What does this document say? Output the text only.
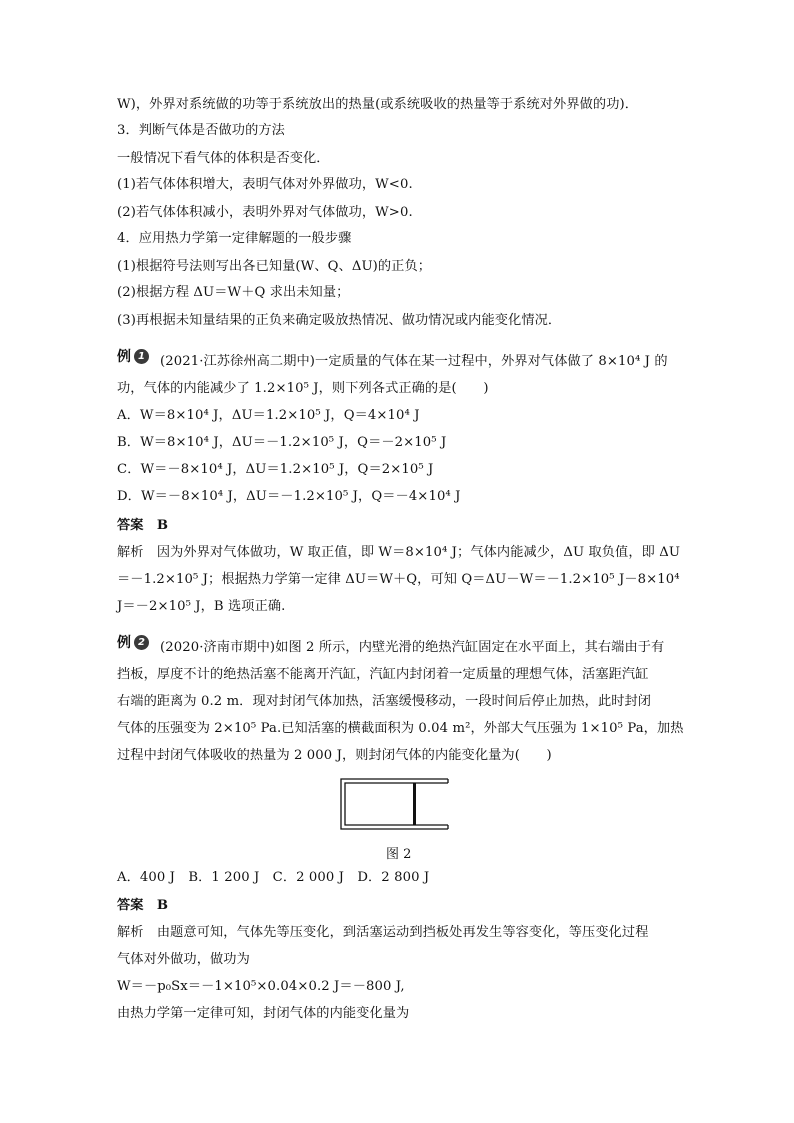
W)，外界对系统做的功等于系统放出的热量(或系统吸收的热量等于系统对外界做的功)．
3．判断气体是否做功的方法
一般情况下看气体的体积是否变化．
(1)若气体体积增大，表明气体对外界做功，W<0.
(2)若气体体积减小，表明外界对气体做功，W>0.
4．应用热力学第一定律解题的一般步骤
(1)根据符号法则写出各已知量(W、Q、ΔU)的正负；
(2)根据方程 ΔU＝W＋Q 求出未知量；
(3)再根据未知量结果的正负来确定吸放热情况、做功情况或内能变化情况．
例 1	(2021·江苏徐州高二期中)一定质量的气体在某一过程中，外界对气体做了 8×10⁴ J 的
功，气体的内能减少了 1.2×10⁵ J，则下列各式正确的是(　　)
A．W＝8×10⁴ J，ΔU＝1.2×10⁵ J，Q＝4×10⁴ J
B．W＝8×10⁴ J，ΔU＝－1.2×10⁵ J，Q＝－2×10⁵ J
C．W＝－8×10⁴ J，ΔU＝1.2×10⁵ J，Q＝2×10⁵ J
D．W＝－8×10⁴ J，ΔU＝－1.2×10⁵ J，Q＝－4×10⁴ J
答案　B
解析　因为外界对气体做功，W 取正值，即 W＝8×10⁴ J；气体内能减少，ΔU 取负值，即 ΔU
＝－1.2×10⁵ J；根据热力学第一定律 ΔU＝W＋Q，可知 Q＝ΔU－W＝－1.2×10⁵ J－8×10⁴
J＝－2×10⁵ J，B 选项正确.
例 2	(2020·济南市期中)如图 2 所示，内壁光滑的绝热汽缸固定在水平面上，其右端由于有
挡板，厚度不计的绝热活塞不能离开汽缸，汽缸内封闭着一定质量的理想气体，活塞距汽缸
右端的距离为 0.2 m．现对封闭气体加热，活塞缓慢移动，一段时间后停止加热，此时封闭
气体的压强变为 2×10⁵ Pa.已知活塞的横截面积为 0.04 m²，外部大气压强为 1×10⁵ Pa，加热
过程中封闭气体吸收的热量为 2 000 J，则封闭气体的内能变化量为(　　)
图 2
A．400 J　B．1 200 J　C．2 000 J　D．2 800 J
答案　B
解析　由题意可知，气体先等压变化，到活塞运动到挡板处再发生等容变化，等压变化过程
气体对外做功，做功为
W＝－p₀Sx＝－1×10⁵×0.04×0.2 J＝－800 J,
由热力学第一定律可知，封闭气体的内能变化量为
